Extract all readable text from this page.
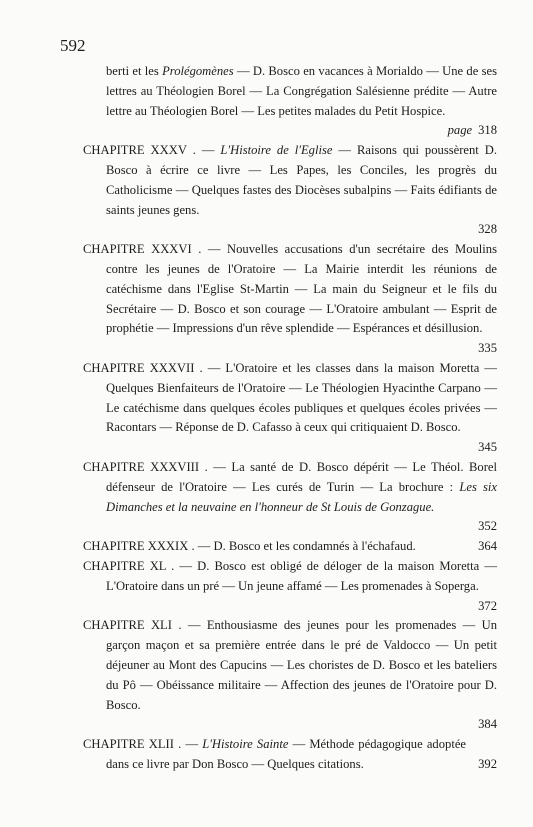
592
berti et les Prolégomènes — D. Bosco en vacances à Morialdo — Une de ses lettres au Théologien Borel — La Congrégation Salésienne prédite — Autre lettre au Théologien Borel — Les petites malades du Petit Hospice.
page 318
CHAPITRE XXXV . — L'Histoire de l'Eglise — Raisons qui poussèrent D. Bosco à écrire ce livre — Les Papes, les Conciles, les progrès du Catholicisme — Quelques fastes des Diocèses subalpins — Faits édifiants de saints jeunes gens.
328
CHAPITRE XXXVI . — Nouvelles accusations d'un secrétaire des Moulins contre les jeunes de l'Oratoire — La Mairie interdit les réunions de catéchisme dans l'Eglise St-Martin — La main du Seigneur et le fils du Secrétaire — D. Bosco et son courage — L'Oratoire ambulant — Esprit de prophétie — Impressions d'un rêve splendide — Espérances et désillusion.
335
CHAPITRE XXXVII . — L'Oratoire et les classes dans la maison Moretta — Quelques Bienfaiteurs de l'Oratoire — Le Théologien Hyacinthe Carpano — Le catéchisme dans quelques écoles publiques et quelques écoles privées — Racontars — Réponse de D. Cafasso à ceux qui critiquaient D. Bosco.
345
CHAPITRE XXXVIII . — La santé de D. Bosco dépérit — Le Théol. Borel défenseur de l'Oratoire — Les curés de Turin — La brochure : Les six Dimanches et la neuvaine en l'honneur de St Louis de Gonzague.
352
CHAPITRE XXXIX . — D. Bosco et les condamnés à l'échafaud.	364
CHAPITRE XL . — D. Bosco est obligé de déloger de la maison Moretta — L'Oratoire dans un pré — Un jeune affamé — Les promenades à Soperga.
372
CHAPITRE XLI . — Enthousiasme des jeunes pour les promenades — Un garçon maçon et sa première entrée dans le pré de Valdocco — Un petit déjeuner au Mont des Capucins — Les choristes de D. Bosco et les bateliers du Pô — Obéissance militaire — Affection des jeunes de l'Oratoire pour D. Bosco.
384
CHAPITRE XLII . — L'Histoire Sainte — Méthode pédagogique adoptée dans ce livre par Don Bosco — Quelques citations.	392
